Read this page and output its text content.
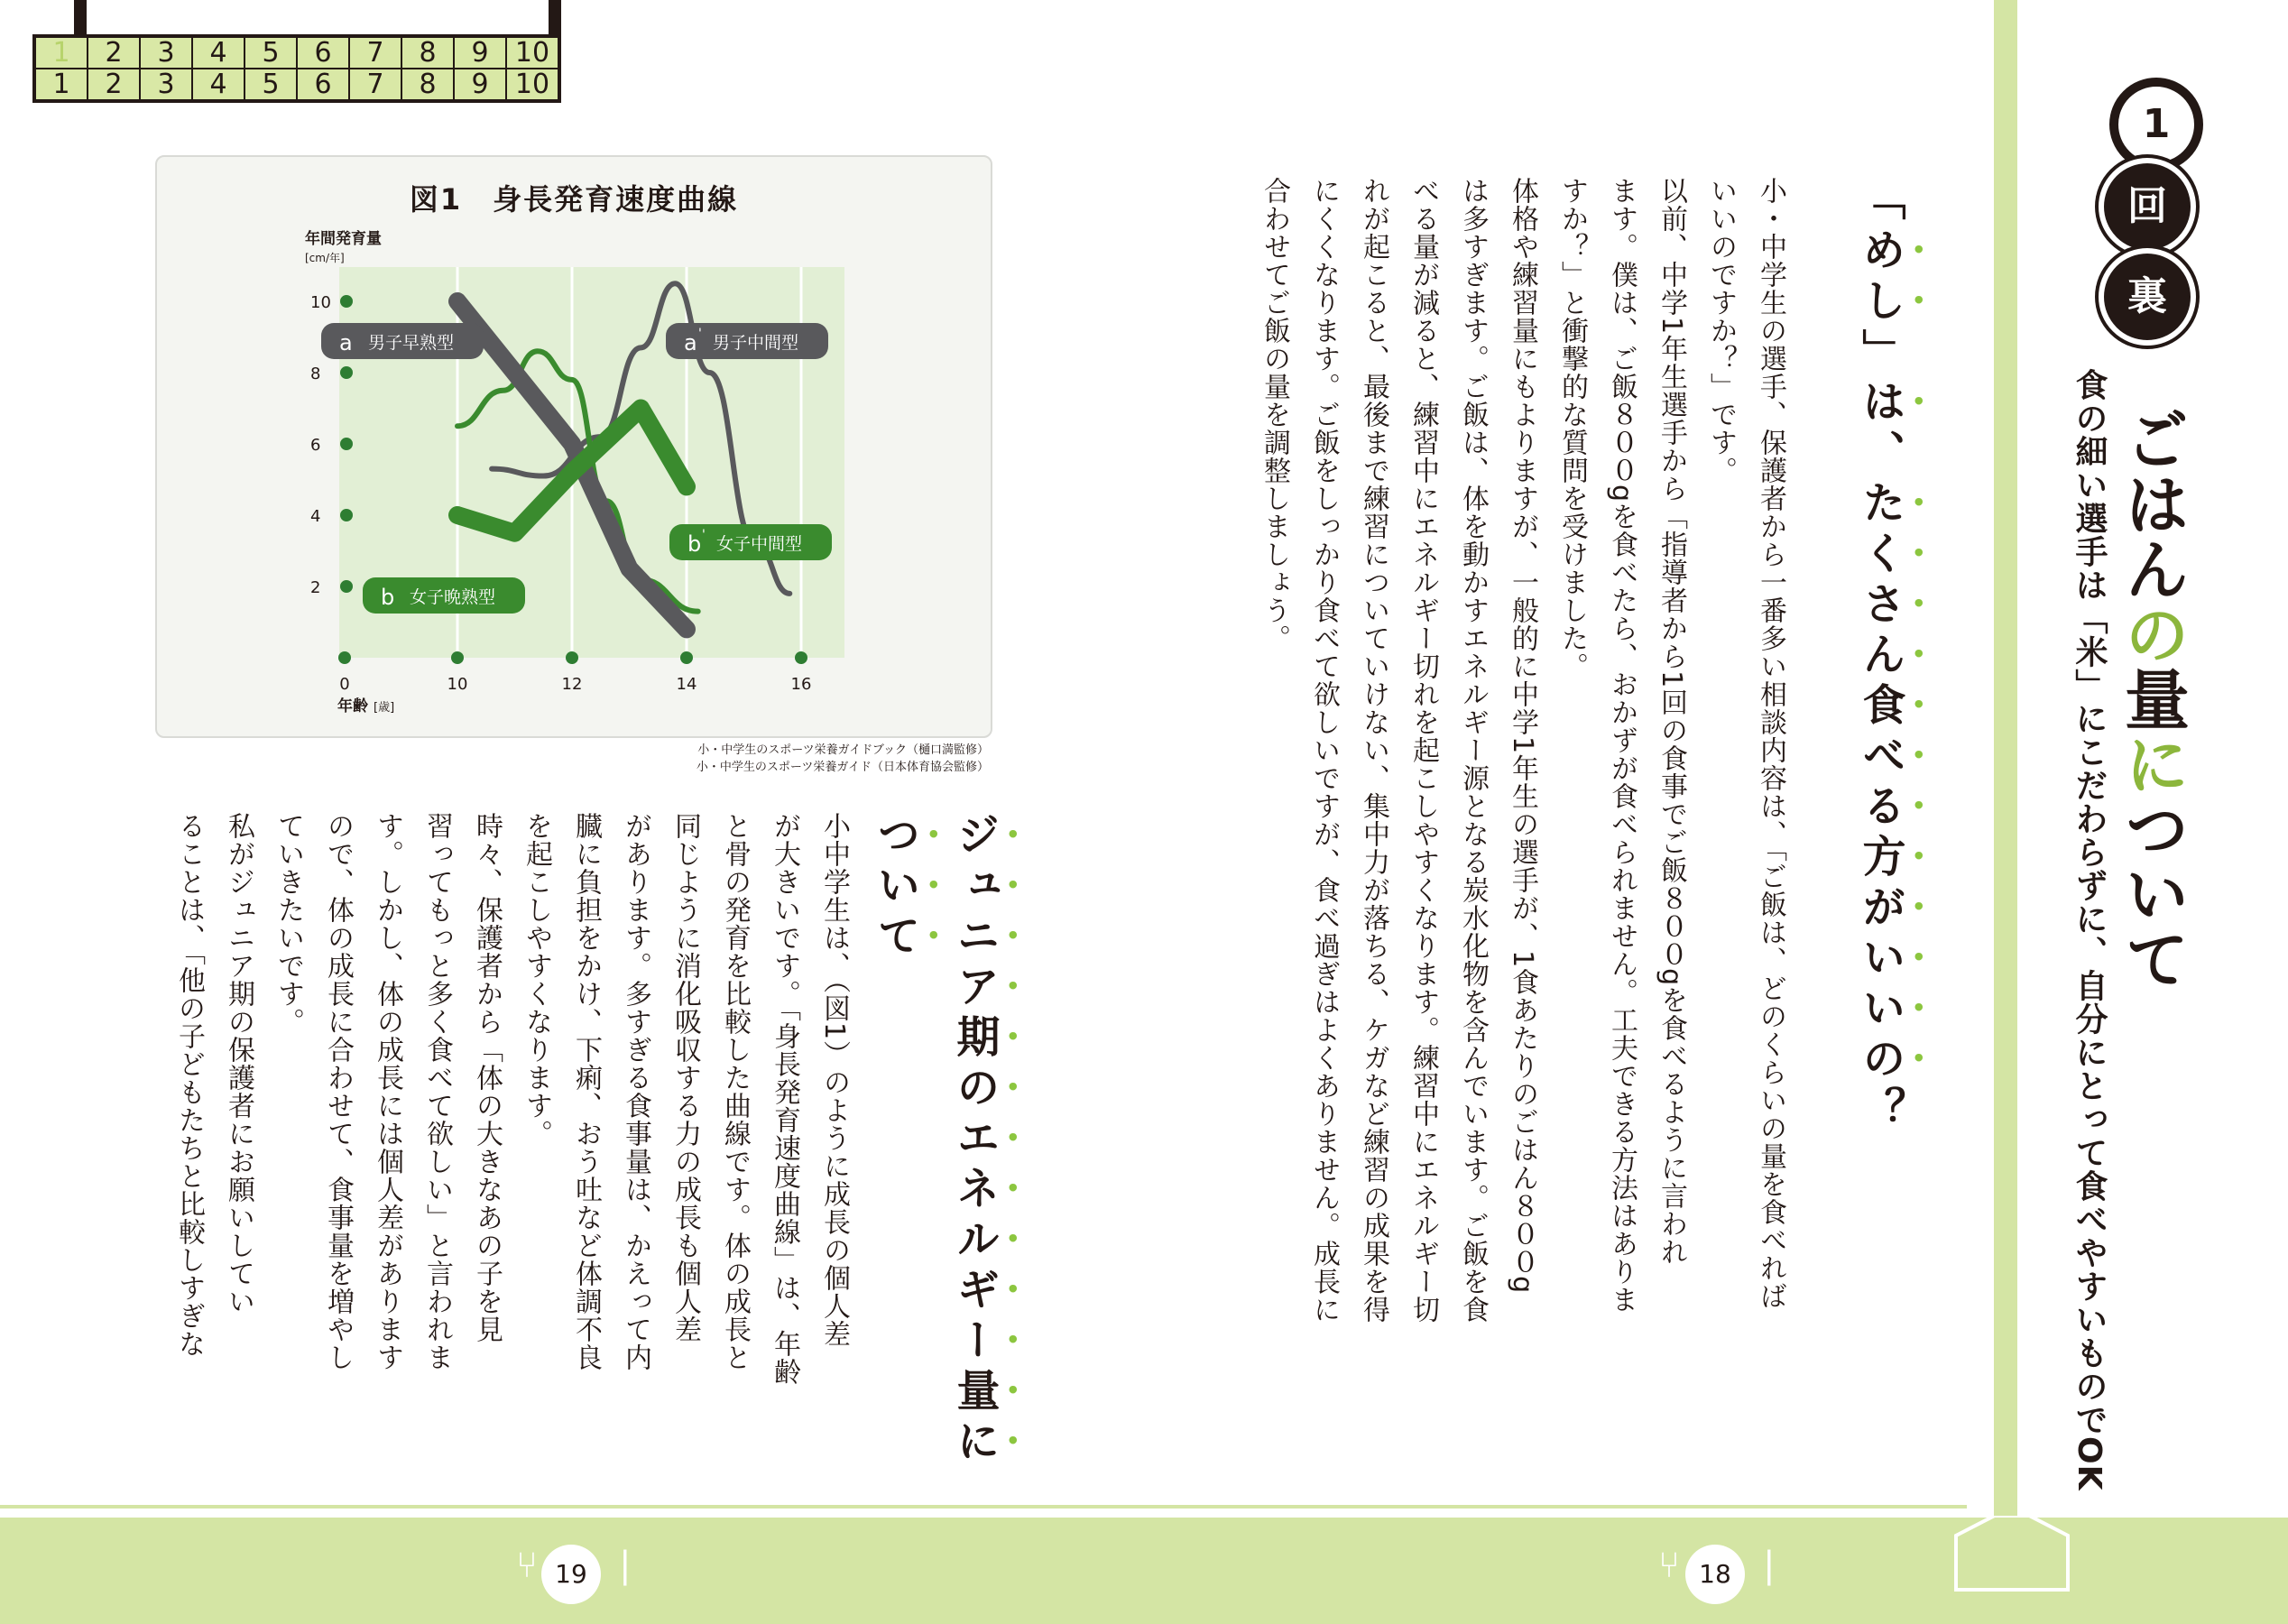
1	2	3	4	5	6	7	8	9	10
1	2	3	4	5	6	7	8	9	10
図1　身長発育速度曲線
年間発育量
[cm/年]
年齢 [歳]
10
8
6
4
2
0	10	12	14	16
a 男子早熟型	a ' 男子中間型
b ' 女子中間型
b 女子晩熟型
小・中学生のスポーツ栄養ガイドブック（樋口満監修）
小・中学生のスポーツ栄養ガイド（日本体育協会監修）
1
回
裏

ごはんの量について

食の細い選手は「米」にこだわらずに、自分にとって食べやすいものでOK
「めし」は、たくさん食べる方がいいの？
小・中学生の選手、保護者から一番多い相談内容は、「ご飯は、どのくらいの量を食べれば
いいのですか？」です。
以前、中学1年生選手から「指導者から1回の食事でご飯８００gを食べるように言われ
ます。僕は、ご飯８００gを食べたら、おかずが食べられません。工夫できる方法はありま
すか？」と衝撃的な質問を受けました。
体格や練習量にもよりますが、一般的に中学1年生の選手が、1食あたりのごはん８００g
は多すぎます。ご飯は、体を動かすエネルギー源となる炭水化物を含んでいます。ご飯を食
べる量が減ると、練習中にエネルギー切れを起こしやすくなります。練習中にエネルギー切
れが起こると、最後まで練習についていけない、集中力が落ちる、ケガなど練習の成果を得
にくくなります。ご飯をしっかり食べて欲しいですが、食べ過ぎはよくありません。成長に
合わせてご飯の量を調整しましょう。
ジュニア期のエネルギー量に
ついて
小中学生は、（図1）のように成長の個人差
が大きいです。「身長発育速度曲線」は、年齢
と骨の発育を比較した曲線です。体の成長と
同じように消化吸収する力の成長も個人差
があります。多すぎる食事量は、かえって内
臓に負担をかけ、下痢、おう吐など体調不良
を起こしやすくなります。
時々、保護者から「体の大きなあの子を見
習ってもっと多く食べて欲しい」と言われま
す。しかし、体の成長には個人差があります
ので、体の成長に合わせて、食事量を増やし
ていきたいです。
私がジュニア期の保護者にお願いしてい
ることは、「他の子どもたちと比較しすぎな
⑂ 19 ❘	⑂ 18 ❘
